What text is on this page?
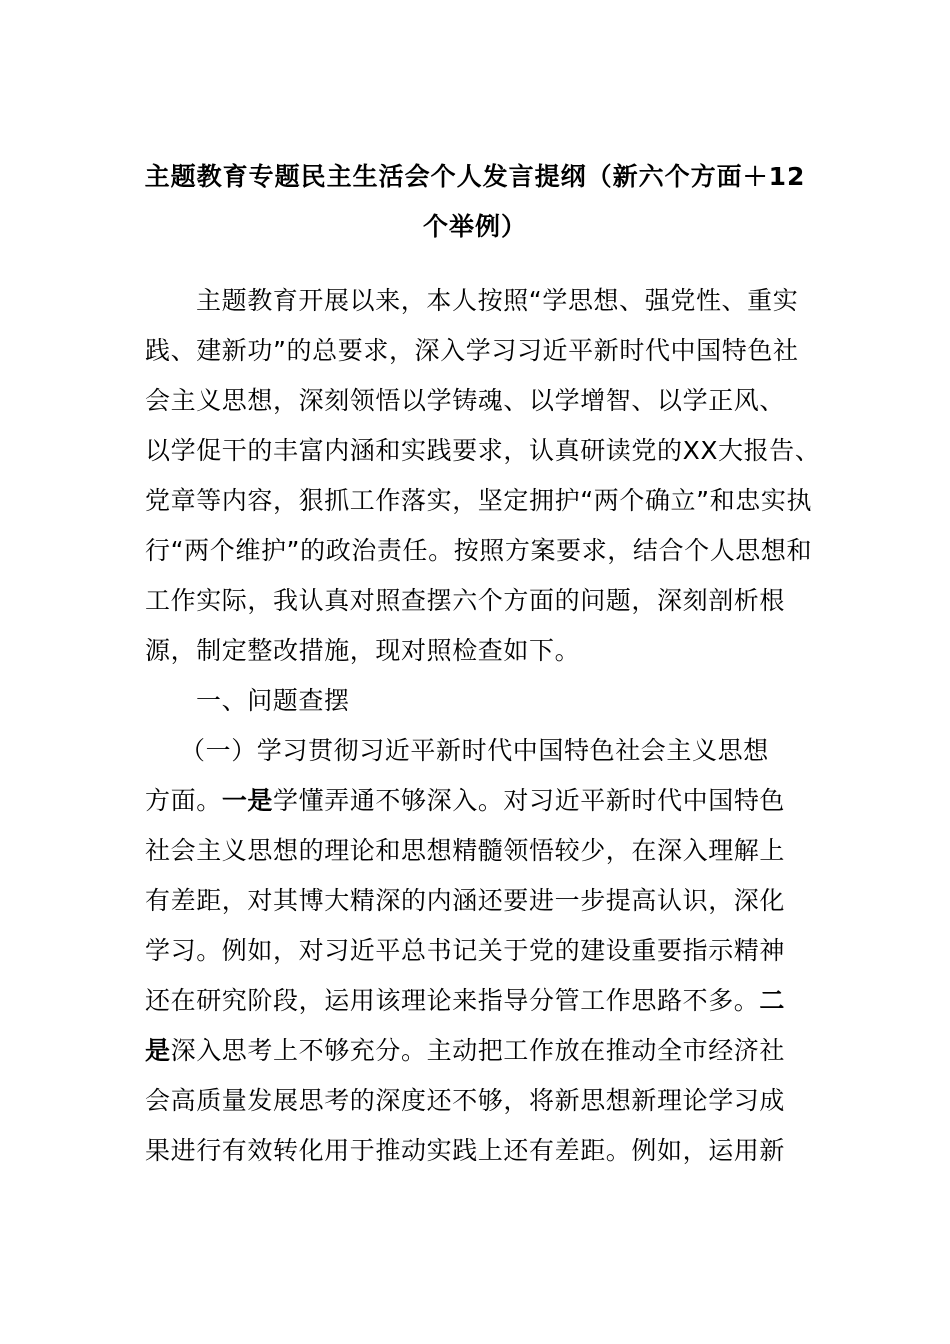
主题教育专题民主生活会个人发言提纲（新六个方面＋12
个举例）
主题教育开展以来，本人按照“学思想、强党性、重实
践、建新功”的总要求，深入学习习近平新时代中国特色社
会主义思想，深刻领悟以学铸魂、以学增智、以学正风、
以学促干的丰富内涵和实践要求，认真研读党的XX大报告、
党章等内容，狠抓工作落实，坚定拥护“两个确立”和忠实执
行“两个维护”的政治责任。按照方案要求，结合个人思想和
工作实际，我认真对照查摆六个方面的问题，深刻剖析根
源，制定整改措施，现对照检查如下。
一、问题查摆
（一）学习贯彻习近平新时代中国特色社会主义思想
方面。一是学懂弄通不够深入。对习近平新时代中国特色
社会主义思想的理论和思想精髓领悟较少，在深入理解上
有差距，对其博大精深的内涵还要进一步提高认识，深化
学习。例如，对习近平总书记关于党的建设重要指示精神
还在研究阶段，运用该理论来指导分管工作思路不多。二
是深入思考上不够充分。主动把工作放在推动全市经济社
会高质量发展思考的深度还不够，将新思想新理论学习成
果进行有效转化用于推动实践上还有差距。例如，运用新
